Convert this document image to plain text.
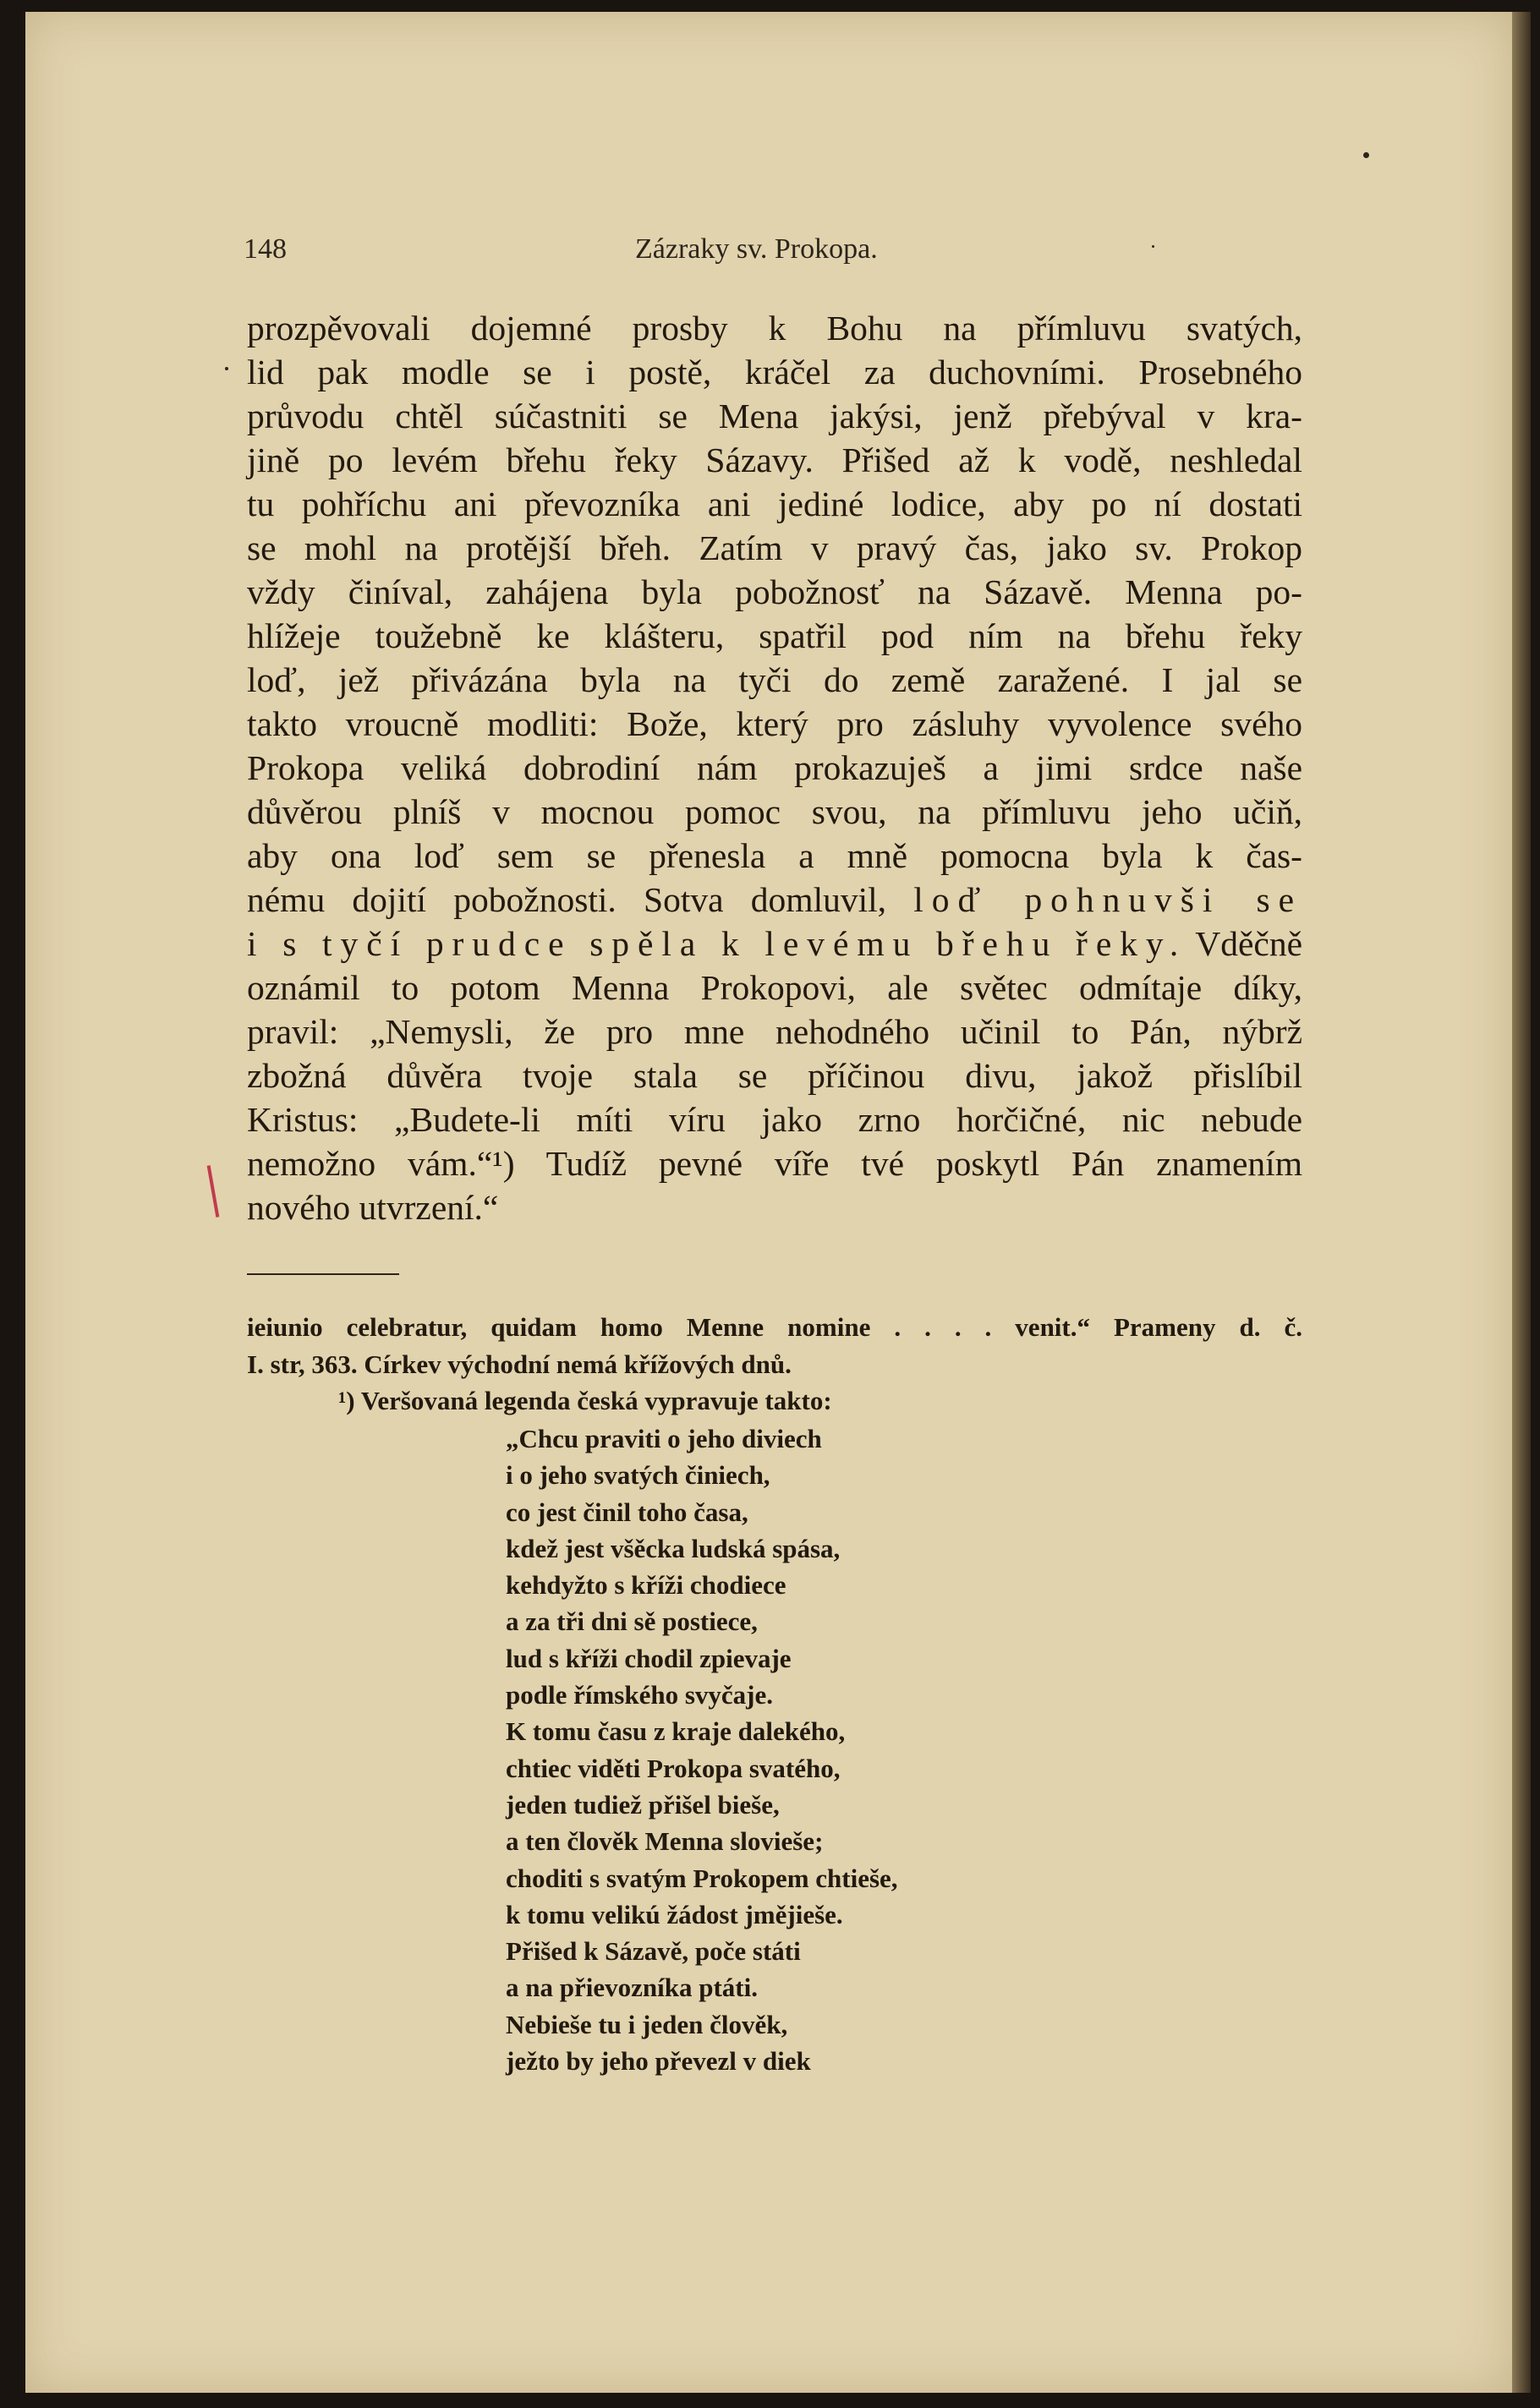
148	Zázraky sv. Prokopa.
prozpěvovali dojemné prosby k Bohu na přímluvu svatých,
lid pak modle se i postě, kráčel za duchovními. Prosebného
průvodu chtěl súčastniti se Mena jakýsi, jenž přebýval v kra-
jině po levém břehu řeky Sázavy. Přišed až k vodě, neshledal
tu pohříchu ani převozníka ani jediné lodice, aby po ní dostati
se mohl na protější břeh. Zatím v pravý čas, jako sv. Prokop
vždy činíval, zahájena byla pobožnosť na Sázavě. Menna po-
hlížeje toužebně ke klášteru, spatřil pod ním na břehu řeky
loď, jež přivázána byla na tyči do země zaražené. I jal se
takto vroucně modliti: Bože, který pro zásluhy vyvolence svého
Prokopa veliká dobrodiní nám prokazuješ a jimi srdce naše
důvěrou plníš v mocnou pomoc svou, na přímluvu jeho učiň,
aby ona loď sem se přenesla a mně pomocna byla k čas-
nému dojití pobožnosti. Sotva domluvil, loď pohnuvši se
i s tyčí prudce spěla k levému břehu řeky. Vděčně
oznámil to potom Menna Prokopovi, ale světec odmítaje díky,
pravil: „Nemysli, že pro mne nehodného učinil to Pán, nýbrž
zbožná důvěra tvoje stala se příčinou divu, jakož přislíbil
Kristus: „Budete-li míti víru jako zrno horčičné, nic nebude
nemožno vám.“¹) Tudíž pevné víře tvé poskytl Pán znamením
nového utvrzení.“
ieiunio celebratur, quidam homo Menne nomine . . . . venit.“ Prameny d. č.
I. str, 363. Církev východní nemá křížových dnů.
¹) Veršovaná legenda česká vypravuje takto:
„Chcu praviti o jeho diviech
i o jeho svatých činiech,
co jest činil toho časa,
kdež jest všěcka ludská spása,
kehdyžto s kříži chodiece
a za tři dni sě postiece,
lud s kříži chodil zpievaje
podle římského svyčaje.
K tomu času z kraje dalekého,
chtiec viděti Prokopa svatého,
jeden tudiež přišel bieše,
a ten člověk Menna slovieše;
choditi s svatým Prokopem chtieše,
k tomu velikú žádost jmějieše.
Přišed k Sázavě, poče státi
a na přievozníka ptáti.
Nebieše tu i jeden člověk,
ježto by jeho převezl v diek
